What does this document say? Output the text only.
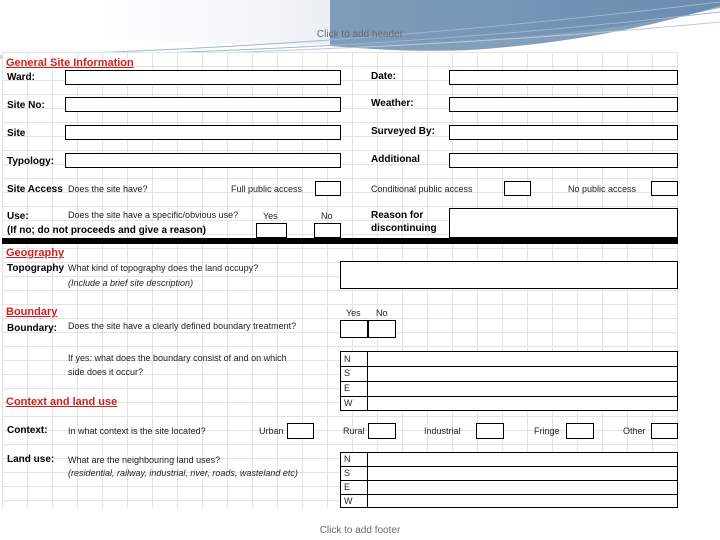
Click to add header
General Site Information
Ward:	Date:
Site No:	Weather:
Site	Surveyed By:
Typology:	Additional
Site Access Does the site have?	Full public access	Conditional public access	No public access
Use:	Does the site have a specific/obvious use?	Yes	No	Reason for
discontinuing
(If no; do not proceeds and give a reason)
Geography
Topography What kind of topography does the land occupy?
(Include a brief site description)
Boundary	Yes No
Boundary: Does the site have a clearly defined boundary treatment?
If yes: what does the boundary consist of and on which
side does it occur?
N
S
E
W
Context and land use
Context: In what context is the site located?	Urban	Rural	Industrial	Fringe	Other
Land use: What are the neighbouring land uses?
(residential, railway, industrial, river, roads, wasteland etc)
N
S
E
W
Click to add footer
